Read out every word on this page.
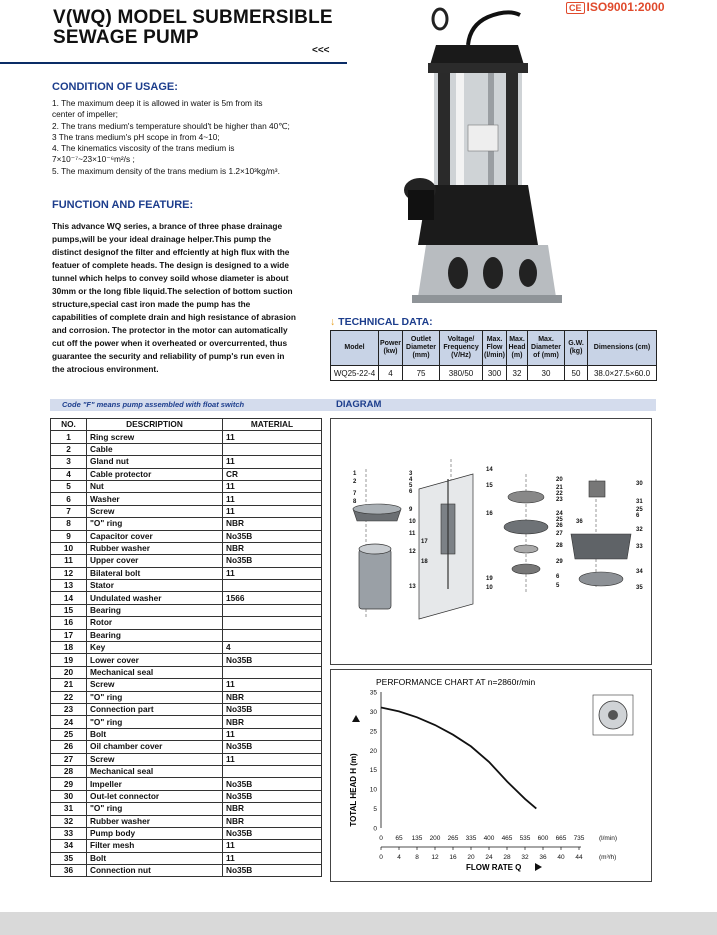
V(WQ) MODEL SUBMERSIBLE
SEWAGE PUMP
CE ISO9001:2000
<<<
CONDITION OF USAGE:
1. The maximum deep it is allowed in water is 5m from its
center of impeller;
2. The trans medium's temperature should't be higher than 40℃;
3 The trans medium's pH scope in from 4~10;
4. The kinematics viscosity of the trans medium is
7×10⁻⁷~23×10⁻⁶m²/s ;
5. The maximum density of the trans medium is 1.2×10³kg/m³.
FUNCTION AND FEATURE:
This advance WQ series, a brance of three phase drainage pumps,will be your ideal drainage helper.This pump the distinct designof the filter and effciently at high flux with the featuer of complete heads. The design is designed to a wide tunnel which helps to convey soild whose diameter is about 30mm or the long fible liquid.The selection of bottom suction structure,special cast iron made the pump has the capabilities of complete drain and high resistance of abrasion and corrosion. The protector in the motor can automatically cut off the power when it overheated or overcurrented, thus guarantee the security and reliability of pump's run even in the atrocious environment.
↓ TECHNICAL DATA:
Model	Power (kw)	Outlet Diameter (mm)	Voltage/ Frequency (V/Hz)	Max. Flow (l/min)	Max. Head (m)	Max. Diameter of (mm)	G.W. (kg)	Dimensions (cm)
WQ25-22-4	4	75	380/50	300	32	30	50	38.0×27.5×60.0
Code "F" means pump assembled with float switch	DIAGRAM
NO.	DESCRIPTION	MATERIAL
1	Ring screw	11
2	Cable	
3	Gland nut	11
4	Cable protector	CR
5	Nut	11
6	Washer	11
7	Screw	11
8	"O" ring	NBR
9	Capacitor cover	No35B
10	Rubber washer	NBR
11	Upper cover	No35B
12	Bilateral bolt	11
13	Stator	
14	Undulated washer	1566
15	Bearing	
16	Rotor	
17	Bearing	
18	Key	4
19	Lower cover	No35B
20	Mechanical seal	
21	Screw	11
22	"O" ring	NBR
23	Connection part	No35B
24	"O" ring	NBR
25	Bolt	11
26	Oil chamber cover	No35B
27	Screw	11
28	Mechanical seal	
29	Impeller	No35B
30	Out-let connector	No35B
31	"O" ring	NBR
32	Rubber washer	NBR
33	Pump body	No35B
34	Filter mesh	11
35	Bolt	11
36	Connection nut	No35B
1
2
3
4
5
6
7
8
9
10
11
12
13
14
15
16
17
18
19
10
20
21
22
23
24
25
26
27
28
29
6
5
30
31
25
6
32
33
34
35
36
PERFORMANCE CHART AT n=2860r/min
TOTAL HEAD H (m)
35
30
25
20
15
10
5
0
0 65 135 200 265 335 400 465 535 600 665 735
0 4 8 12 16 20 24 28 32 36 40 44
(l/min)
(m³/h)
FLOW RATE Q
